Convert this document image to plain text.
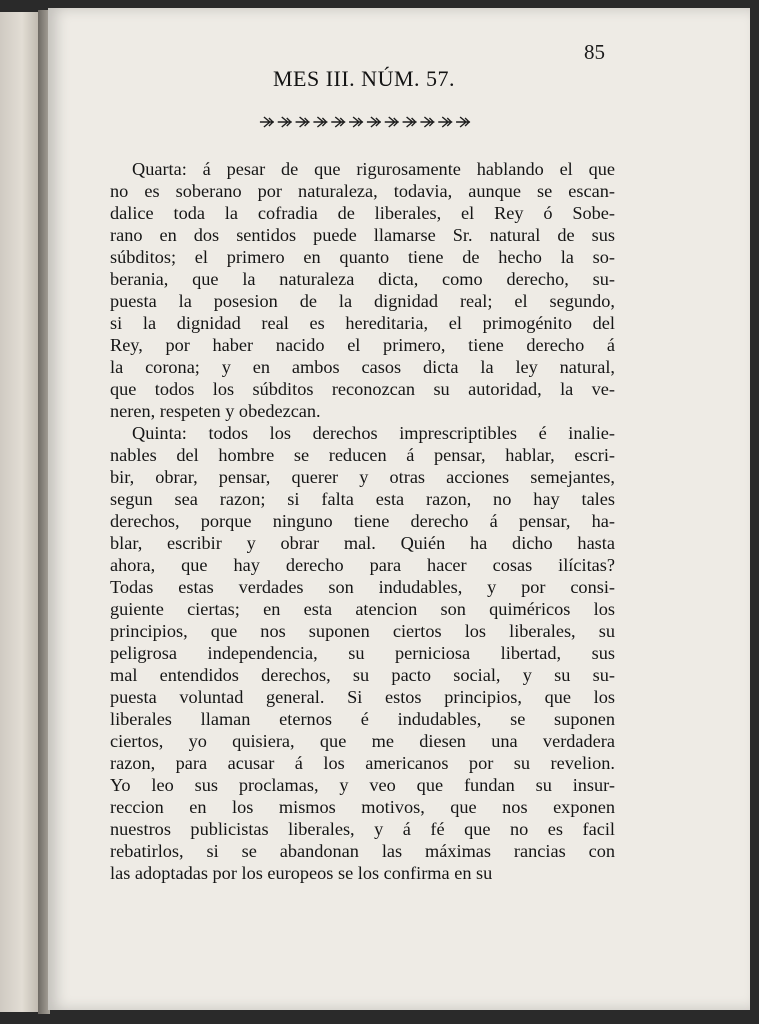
85
MES III. NÚM. 57.
Quarta: á pesar de que rigurosamente hablando el que
no es soberano por naturaleza, todavia, aunque se escan-
dalice toda la cofradia de liberales, el Rey ó Sobe-
rano en dos sentidos puede llamarse Sr. natural de sus
súbditos; el primero en quanto tiene de hecho la so-
berania, que la naturaleza dicta, como derecho, su-
puesta la posesion de la dignidad real; el segundo,
si la dignidad real es hereditaria, el primogénito del
Rey, por haber nacido el primero, tiene derecho á
la corona; y en ambos casos dicta la ley natural,
que todos los súbditos reconozcan su autoridad, la ve-
neren, respeten y obedezcan.
Quinta: todos los derechos imprescriptibles é inalie-
nables del hombre se reducen á pensar, hablar, escri-
bir, obrar, pensar, querer y otras acciones semejantes,
segun sea razon; si falta esta razon, no hay tales
derechos, porque ninguno tiene derecho á pensar, ha-
blar, escribir y obrar mal. Quién ha dicho hasta
ahora, que hay derecho para hacer cosas ilícitas?
Todas estas verdades son indudables, y por consi-
guiente ciertas; en esta atencion son quiméricos los
principios, que nos suponen ciertos los liberales, su
peligrosa independencia, su perniciosa libertad, sus
mal entendidos derechos, su pacto social, y su su-
puesta voluntad general. Si estos principios, que los
liberales llaman eternos é indudables, se suponen
ciertos, yo quisiera, que me diesen una verdadera
razon, para acusar á los americanos por su revelion.
Yo leo sus proclamas, y veo que fundan su insur-
reccion en los mismos motivos, que nos exponen
nuestros publicistas liberales, y á fé que no es facil
rebatirlos, si se abandonan las máximas rancias con
las adoptadas por los europeos se los confirma en su
